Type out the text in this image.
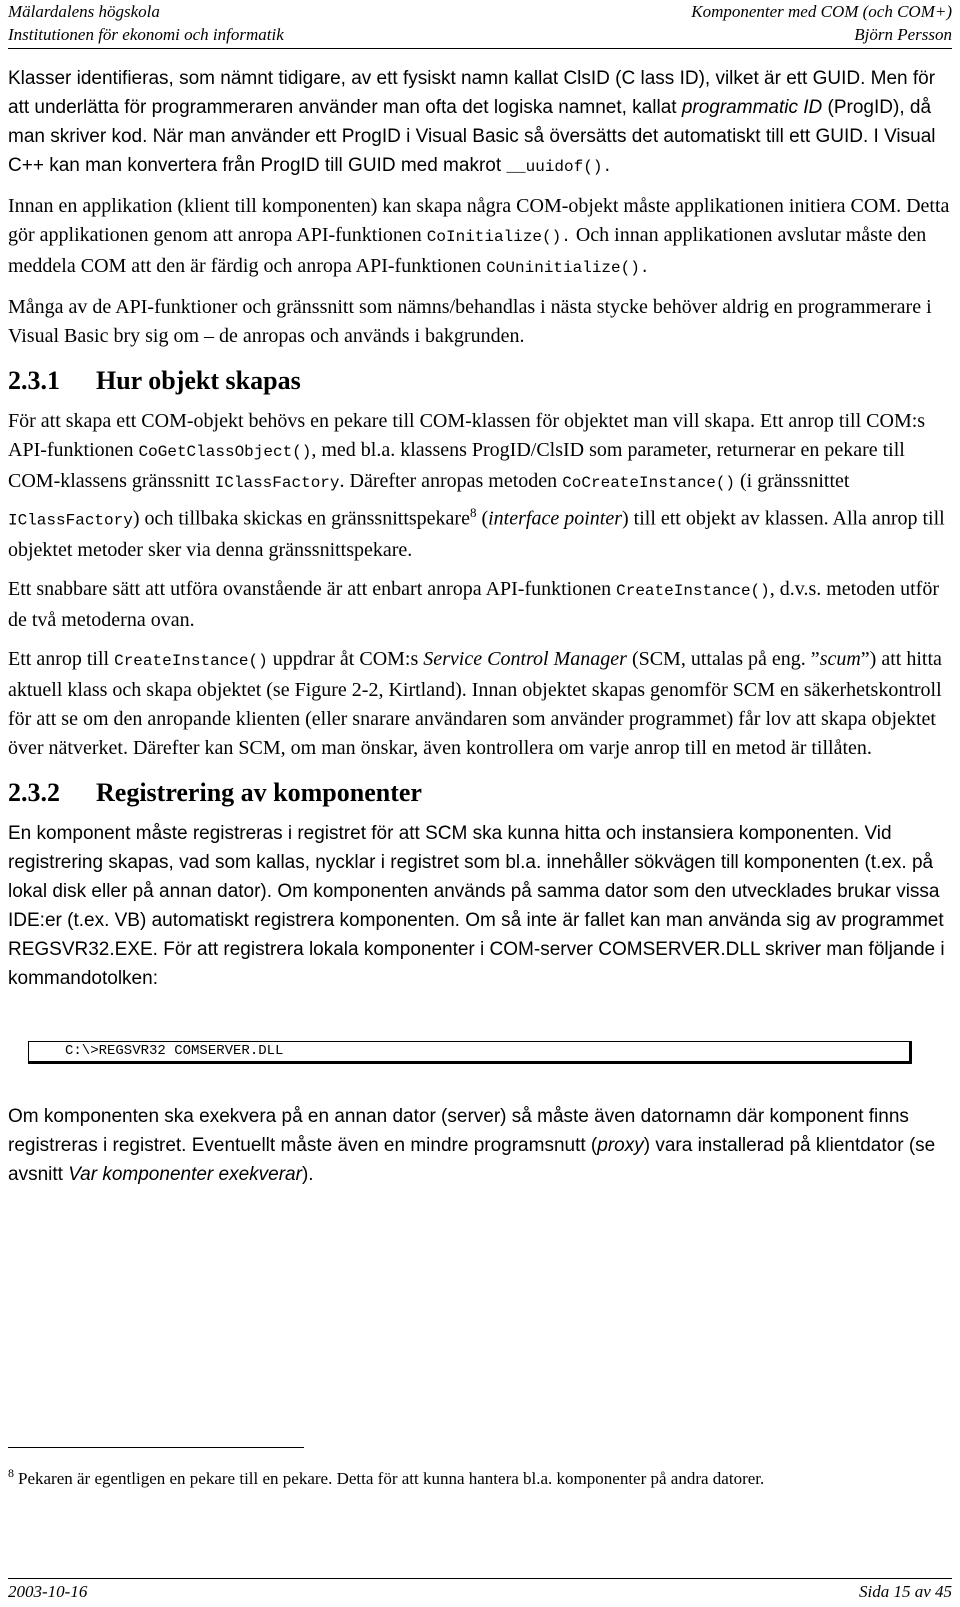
Mälardalens högskola
Institutionen för ekonomi och informatik
Komponenter med COM (och COM+)
Björn Persson

Klasser identifieras, som nämnt tidigare, av ett fysiskt namn kallat ClsID (C lass ID), vilket är ett GUID. Men för att underlätta för programmeraren använder man ofta det logiska namnet, kallat programmatic ID (ProgID), då man skriver kod. När man använder ett ProgID i Visual Basic så översätts det automatiskt till ett GUID. I Visual C++ kan man konvertera från ProgID till GUID med makrot __uuidof().

Innan en applikation (klient till komponenten) kan skapa några COM-objekt måste applikationen initiera COM. Detta gör applikationen genom att anropa API-funktionen CoInitialize(). Och innan applikationen avslutar måste den meddela COM att den är färdig och anropa API-funktionen CoUninitialize().

Många av de API-funktioner och gränssnitt som nämns/behandlas i nästa stycke behöver aldrig en programmerare i Visual Basic bry sig om – de anropas och används i bakgrunden.

2.3.1 Hur objekt skapas

För att skapa ett COM-objekt behövs en pekare till COM-klassen för objektet man vill skapa. Ett anrop till COM:s API-funktionen CoGetClassObject(), med bl.a. klassens ProgID/ClsID som parameter, returnerar en pekare till COM-klassens gränssnitt IClassFactory. Därefter anropas metoden CoCreateInstance() (i gränssnittet IClassFactory) och tillbaka skickas en gränssnittspekare$^8$ (interface pointer) till ett objekt av klassen. Alla anrop till objektet metoder sker via denna gränssnittspekare.

Ett snabbare sätt att utföra ovanstående är att enbart anropa API-funktionen CreateInstance(), d.v.s. metoden utför de två metoderna ovan.

Ett anrop till CreateInstance() uppdrar åt COM:s Service Control Manager (SCM, uttalas på eng. ”scum”) att hitta aktuell klass och skapa objektet (se Figure 2-2, Kirtland). Innan objektet skapas genomför SCM en säkerhetskontroll för att se om den anropande klienten (eller snarare användaren som använder programmet) får lov att skapa objektet över nätverket. Därefter kan SCM, om man önskar, även kontrollera om varje anrop till en metod är tillåten.

2.3.2 Registrering av komponenter

En komponent måste registreras i registret för att SCM ska kunna hitta och instansiera komponenten. Vid registrering skapas, vad som kallas, nycklar i registret som bl.a. innehåller sökvägen till komponenten (t.ex. på lokal disk eller på annan dator). Om komponenten används på samma dator som den utvecklades brukar vissa IDE:er (t.ex. VB) automatiskt registrera komponenten. Om så inte är fallet kan man använda sig av programmet REGSVR32.EXE. För att registrera lokala komponenter i COM-server COMSERVER.DLL skriver man följande i kommandotolken:

C:\>REGSVR32 COMSERVER.DLL

Om komponenten ska exekvera på en annan dator (server) så måste även datornamn där komponent finns registreras i registret. Eventuellt måste även en mindre programsnutt (proxy) vara installerad på klientdator (se avsnitt Var komponenter exekverar).

$^8$ Pekaren är egentligen en pekare till en pekare. Detta för att kunna hantera bl.a. komponenter på andra datorer.
2003-10-16	Sida 15 av 45
